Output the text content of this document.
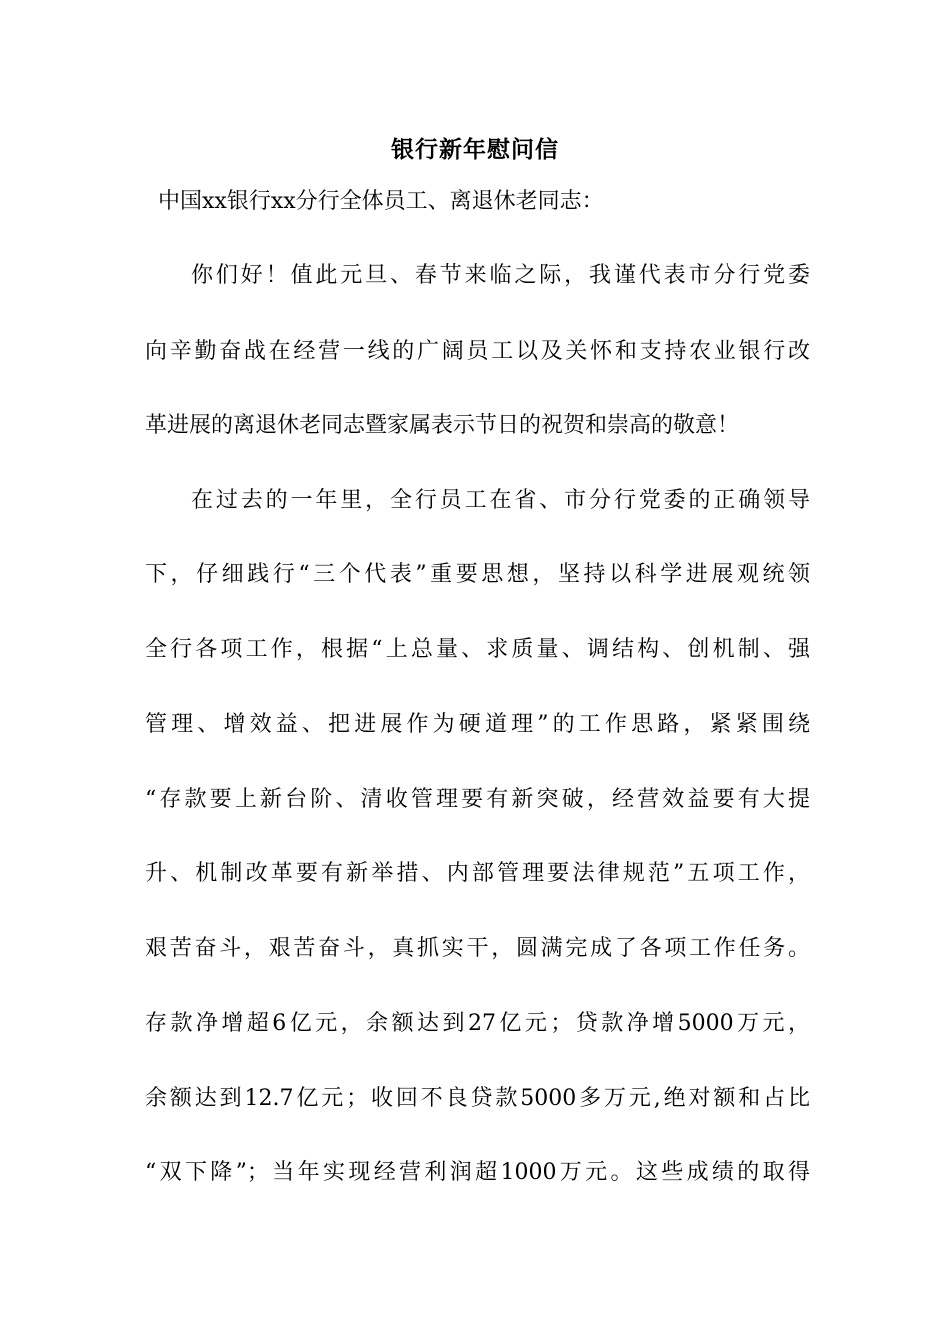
银行新年慰问信
中国xx银行xx分行全体员工、离退休老同志：
你们好！值此元旦、春节来临之际，我谨代表市分行党委
向辛勤奋战在经营一线的广阔员工以及关怀和支持农业银行改
革进展的离退休老同志暨家属表示节日的祝贺和崇高的敬意！
在过去的一年里，全行员工在省、市分行党委的正确领导
下，仔细践行“三个代表”重要思想，坚持以科学进展观统领
全行各项工作，根据“上总量、求质量、调结构、创机制、强
管理、增效益、把进展作为硬道理”的工作思路，紧紧围绕
“存款要上新台阶、清收管理要有新突破，经营效益要有大提
升、机制改革要有新举措、内部管理要法律规范”五项工作，
艰苦奋斗，艰苦奋斗，真抓实干，圆满完成了各项工作任务。
存款净增超6亿元，余额达到27亿元；贷款净增5000万元，
余额达到12.7亿元；收回不良贷款5000多万元,绝对额和占比
“双下降”；当年实现经营利润超1000万元。这些成绩的取得
